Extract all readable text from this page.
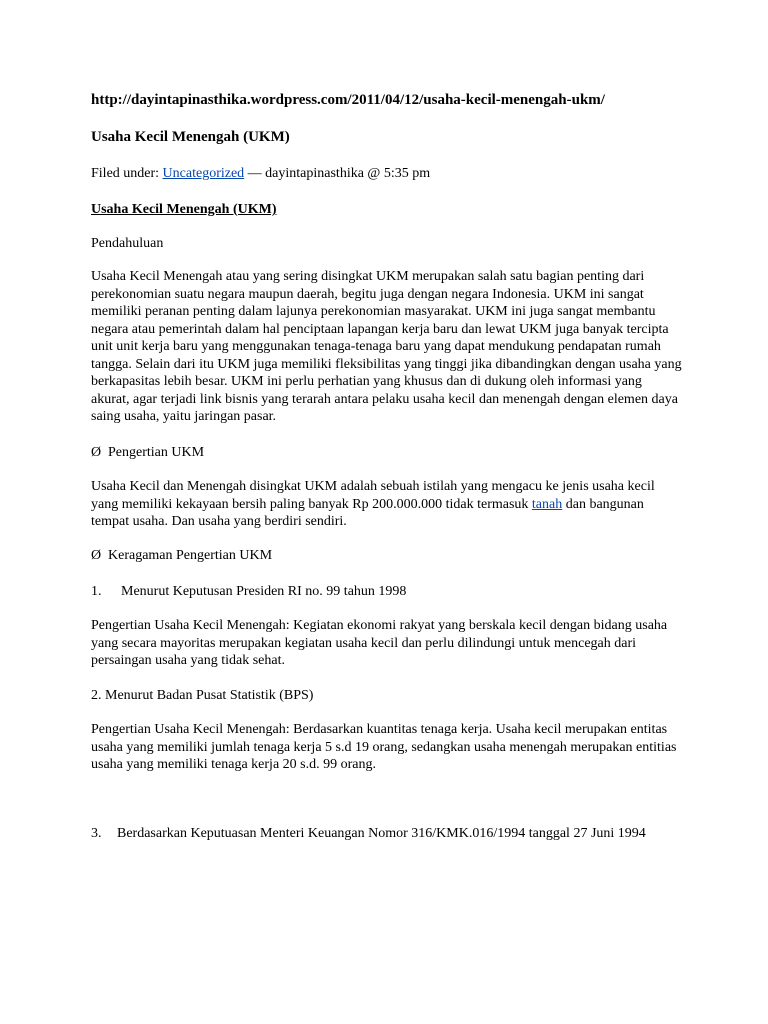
http://dayintapinasthika.wordpress.com/2011/04/12/usaha-kecil-menengah-ukm/

Usaha Kecil Menengah (UKM)

Filed under: Uncategorized — dayintapinasthika @ 5:35 pm

Usaha Kecil Menengah (UKM)

Pendahuluan

Usaha Kecil Menengah atau yang sering disingkat UKM merupakan salah satu bagian penting dari perekonomian suatu negara maupun daerah, begitu juga dengan negara Indonesia. UKM ini sangat memiliki peranan penting dalam lajunya perekonomian masyarakat. UKM ini juga sangat membantu negara atau pemerintah dalam hal penciptaan lapangan kerja baru dan lewat UKM juga banyak tercipta unit unit kerja baru yang menggunakan tenaga-tenaga baru yang dapat mendukung pendapatan rumah tangga. Selain dari itu UKM juga memiliki fleksibilitas yang tinggi jika dibandingkan dengan usaha yang berkapasitas lebih besar. UKM ini perlu perhatian yang khusus dan di dukung oleh informasi yang akurat, agar terjadi link bisnis yang terarah antara pelaku usaha kecil dan menengah dengan elemen daya saing usaha, yaitu jaringan pasar.

Ø Pengertian UKM

Usaha Kecil dan Menengah disingkat UKM adalah sebuah istilah yang mengacu ke jenis usaha kecil yang memiliki kekayaan bersih paling banyak Rp 200.000.000 tidak termasuk tanah dan bangunan tempat usaha. Dan usaha yang berdiri sendiri.

Ø Keragaman Pengertian UKM

1. Menurut Keputusan Presiden RI no. 99 tahun 1998

Pengertian Usaha Kecil Menengah: Kegiatan ekonomi rakyat yang berskala kecil dengan bidang usaha yang secara mayoritas merupakan kegiatan usaha kecil dan perlu dilindungi untuk mencegah dari persaingan usaha yang tidak sehat.

2. Menurut Badan Pusat Statistik (BPS)

Pengertian Usaha Kecil Menengah: Berdasarkan kuantitas tenaga kerja. Usaha kecil merupakan entitas usaha yang memiliki jumlah tenaga kerja 5 s.d 19 orang, sedangkan usaha menengah merupakan entitias usaha yang memiliki tenaga kerja 20 s.d. 99 orang.

3. Berdasarkan Keputuasan Menteri Keuangan Nomor 316/KMK.016/1994 tanggal 27 Juni 1994
